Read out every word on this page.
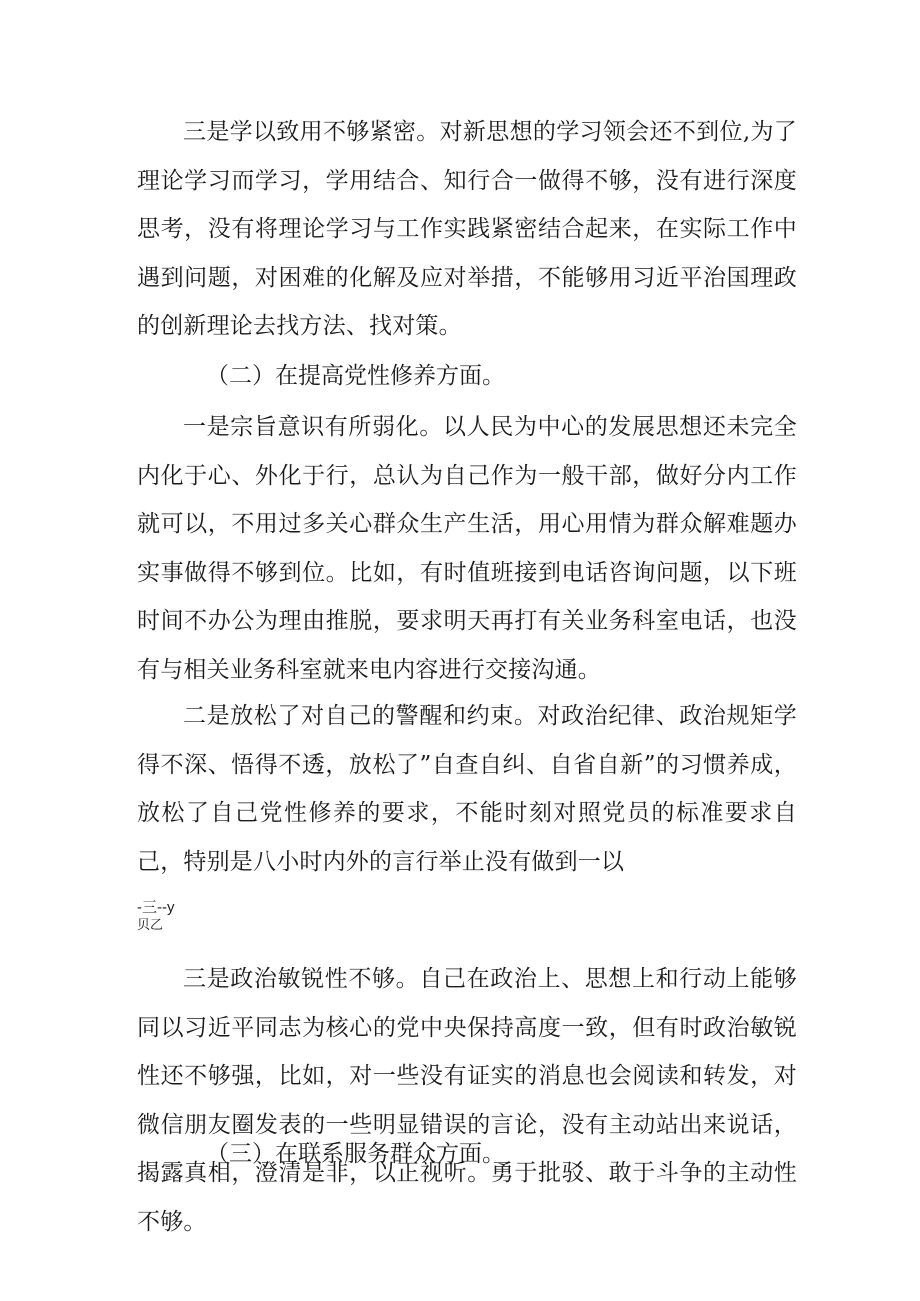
三是学以致用不够紧密。对新思想的学习领会还不到位,为了理论学习而学习，学用结合、知行合一做得不够，没有进行深度思考，没有将理论学习与工作实践紧密结合起来，在实际工作中遇到问题，对困难的化解及应对举措，不能够用习近平治国理政的创新理论去找方法、找对策。

（二）在提高党性修养方面。

一是宗旨意识有所弱化。以人民为中心的发展思想还未完全内化于心、外化于行，总认为自己作为一般干部，做好分内工作就可以，不用过多关心群众生产生活，用心用情为群众解难题办实事做得不够到位。比如，有时值班接到电话咨询问题，以下班时间不办公为理由推脱，要求明天再打有关业务科室电话，也没有与相关业务科室就来电内容进行交接沟通。

二是放松了对自己的警醒和约束。对政治纪律、政治规矩学得不深、悟得不透，放松了”自查自纠、自省自新”的习惯养成，放松了自己党性修养的要求，不能时刻对照党员的标准要求自己，特别是八小时内外的言行举止没有做到一以

-三--y

贝乙

三是政治敏锐性不够。自己在政治上、思想上和行动上能够同以习近平同志为核心的党中央保持高度一致，但有时政治敏锐性还不够强，比如，对一些没有证实的消息也会阅读和转发，对微信朋友圈发表的一些明显错误的言论，没有主动站出来说话，揭露真相，澄清是非，以正视听。勇于批驳、敢于斗争的主动性不够。

（三）在联系服务群众方面。
